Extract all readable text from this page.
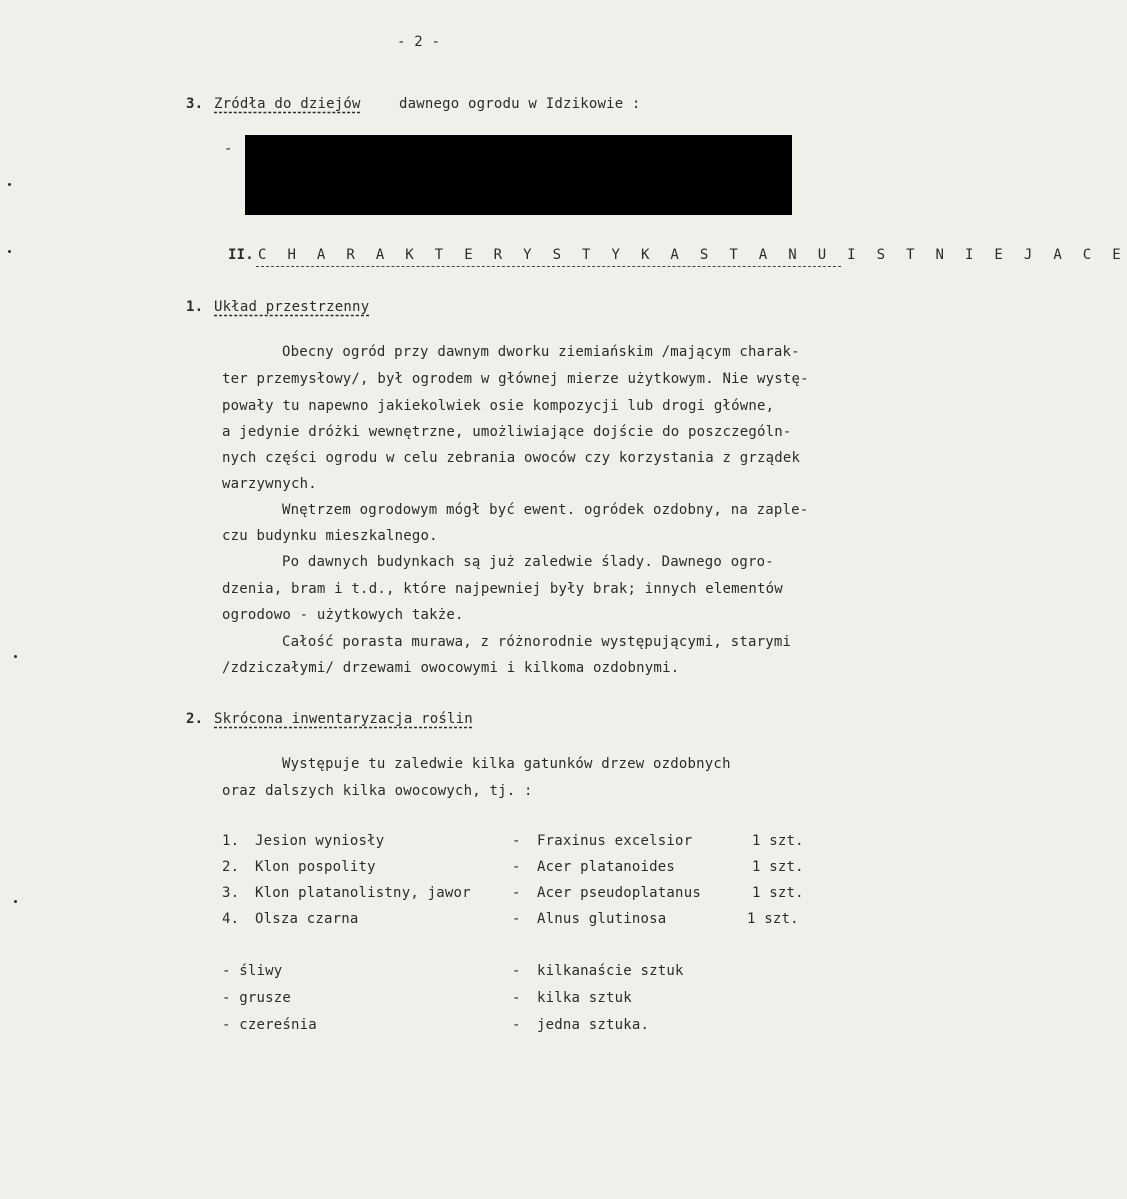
- 2 -
3. Zródła do dziejów	dawnego ogrodu w Idzikowie :
-
II. C H A R A K T E R Y S T Y K A S T A N U I S T N I E J A C E
1. Układ przestrzenny
Obecny ogród przy dawnym dworku ziemiańskim /mającym charak-
ter przemysłowy/, był ogrodem w głównej mierze użytkowym. Nie wystę-
powały tu napewno jakiekolwiek osie kompozycji lub drogi główne,
a jedynie dróżki wewnętrzne, umożliwiające dojście do poszczególn-
nych części ogrodu w celu zebrania owoców czy korzystania z grządek
warzywnych.
Wnętrzem ogrodowym mógł być ewent. ogródek ozdobny, na zaple-
czu budynku mieszkalnego.
Po dawnych budynkach są już zaledwie ślady. Dawnego ogro-
dzenia, bram i t.d., które najpewniej były brak; innych elementów
ogrodowo - użytkowych także.
Całość porasta murawa, z różnorodnie występującymi, starymi
/zdziczałymi/ drzewami owocowymi i kilkoma ozdobnymi.
2. Skrócona inwentaryzacja roślin
Występuje tu zaledwie kilka gatunków drzew ozdobnych
oraz dalszych kilka owocowych, tj. :
1. Jesion wyniosły	- Fraxinus excelsior	1 szt.
2. Klon pospolity	- Acer platanoides	1 szt.
3. Klon platanolistny, jawor	- Acer pseudoplatanus	1 szt.
4. Olsza czarna	- Alnus glutinosa	1 szt.
- śliwy	- kilkanaście sztuk
- grusze	- kilka sztuk
- czereśnia	- jedna sztuka.
